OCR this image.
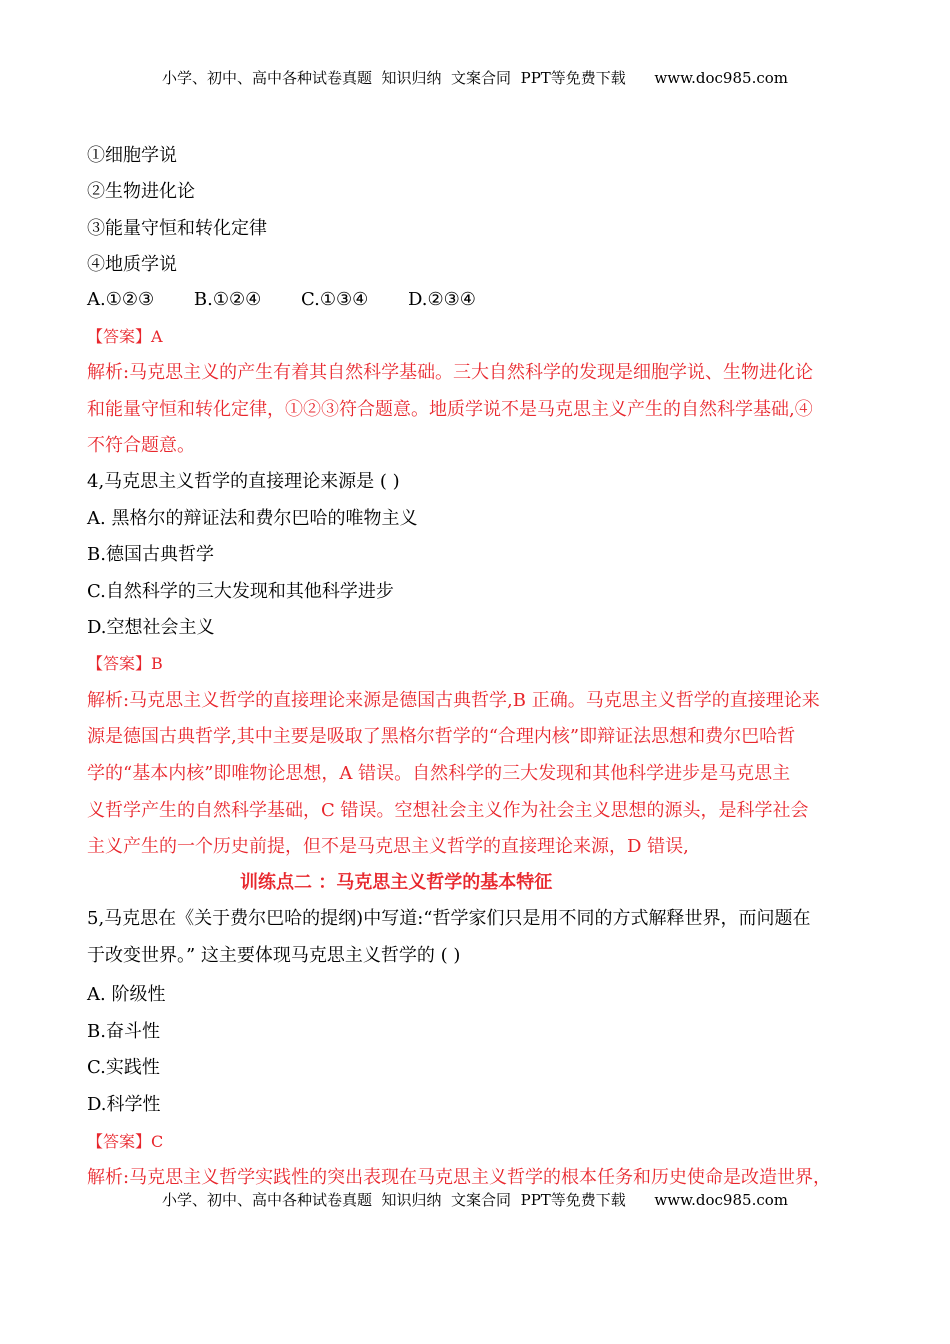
小学、初中、高中各种试卷真题  知识归纳  文案合同  PPT等免费下载      www.doc985.com
①细胞学说
②生物进化论
③能量守恒和转化定律
④地质学说
A.①②③ B.①②④ C.①③④ D.②③④
【答案】A
解析:马克思主义的产生有着其自然科学基础。三大自然科学的发现是细胞学说、生物进化论
和能量守恒和转化定律，①②③符合题意。地质学说不是马克思主义产生的自然科学基础,④
不符合题意。
4,马克思主义哲学的直接理论来源是 ( )
A. 黑格尔的辩证法和费尔巴哈的唯物主义
B.德国古典哲学
C.自然科学的三大发现和其他科学进步
D.空想社会主义
【答案】B
解析:马克思主义哲学的直接理论来源是德国古典哲学,B 正确。马克思主义哲学的直接理论来
源是德国古典哲学,其中主要是吸取了黑格尔哲学的“合理内核”即辩证法思想和费尔巴哈哲
学的“基本内核”即唯物论思想，A 错误。自然科学的三大发现和其他科学进步是马克思主
义哲学产生的自然科学基础，C 错误。空想社会主义作为社会主义思想的源头，是科学社会
主义产生的一个历史前提，但不是马克思主义哲学的直接理论来源，D 错误,
训练点二 ：马克思主义哲学的基本特征
5,马克思在《关于费尔巴哈的提纲)中写道:“哲学家们只是用不同的方式解释世界，而问题在
于改变世界。” 这主要体现马克思主义哲学的 ( )
A. 阶级性
B.奋斗性
C.实践性
D.科学性
【答案】C
解析:马克思主义哲学实践性的突出表现在马克思主义哲学的根本任务和历史使命是改造世界，
小学、初中、高中各种试卷真题  知识归纳  文案合同  PPT等免费下载      www.doc985.com
